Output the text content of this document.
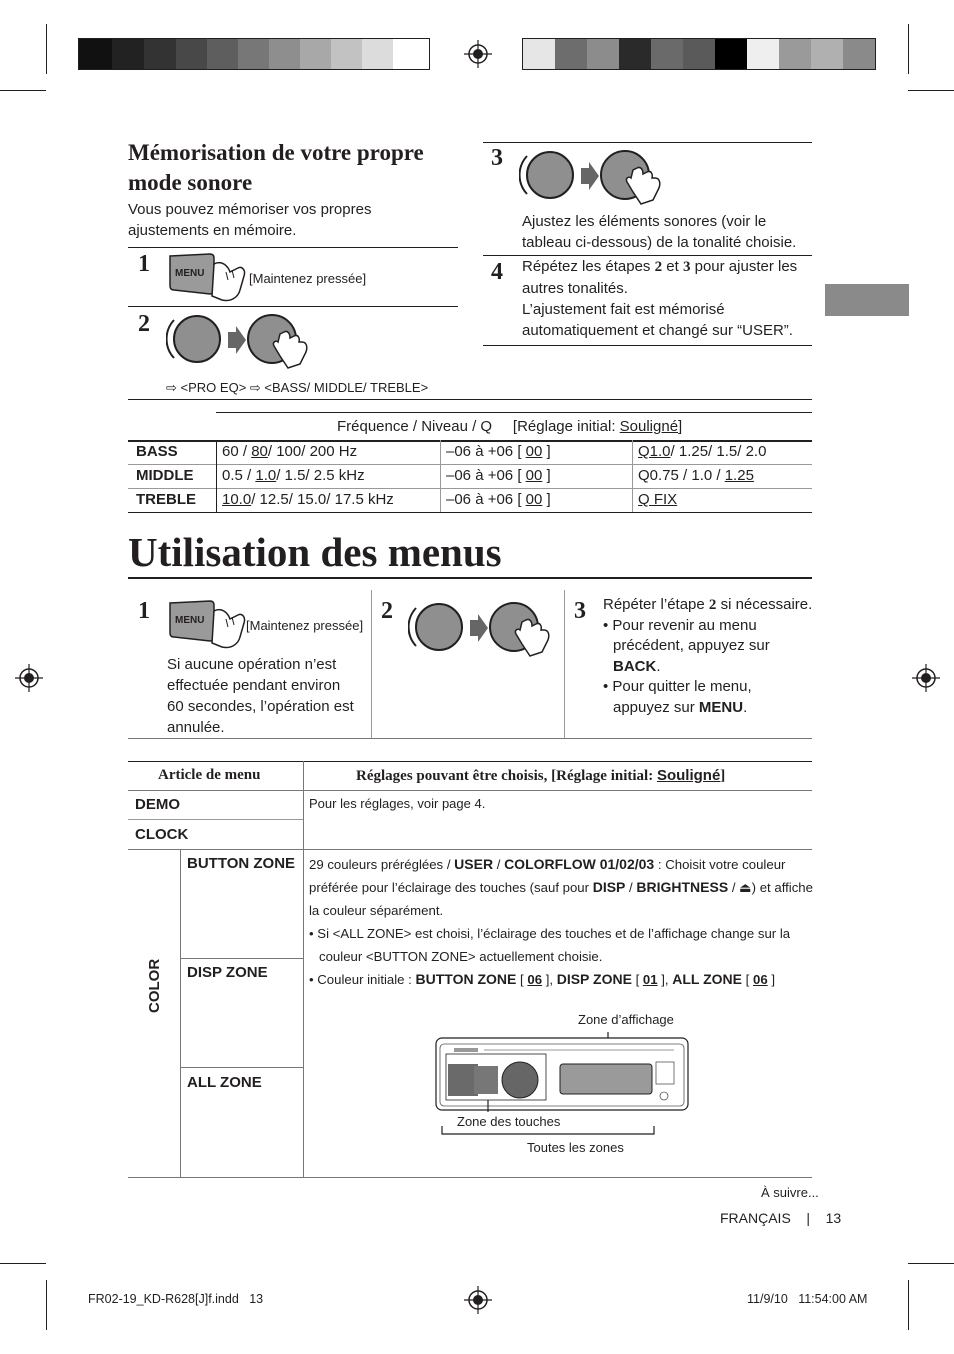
Mémorisation de votre propre
mode sonore
Vous pouvez mémoriser vos propres
ajustements en mémoire.
1	MENU	[Maintenez pressée]
2
⇨ <PRO EQ> ⇨ <BASS/ MIDDLE/ TREBLE>
3
Ajustez les éléments sonores (voir le
tableau ci-dessous) de la tonalité choisie.
4 Répétez les étapes 2 et 3 pour ajuster les
autres tonalités.
L’ajustement fait est mémorisé
automatiquement et changé sur “USER”.
Fréquence / Niveau / Q [Réglage initial: Souligné]
BASS	60 / 80/ 100/ 200 Hz	–06 à +06 [ 00 ]	Q1.0/ 1.25/ 1.5/ 2.0
MIDDLE 0.5 / 1.0/ 1.5/ 2.5 kHz	–06 à +06 [ 00 ]	Q0.75 / 1.0 / 1.25
TREBLE 10.0/ 12.5/ 15.0/ 17.5 kHz	–06 à +06 [ 00 ]	Q FIX
Utilisation des menus
1	MENU	[Maintenez pressée]
Si aucune opération n’est
effectuée pendant environ
60 secondes, l’opération est
annulée.
2	3 Répéter l’étape 2 si nécessaire.
• Pour revenir au menu
précédent, appuyez sur
BACK.
• Pour quitter le menu,
appuyez sur MENU.
Article de menu	Réglages pouvant être choisis, [Réglage initial: Souligné]
DEMO
CLOCK
Pour les réglages, voir page 4.
COLOR
BUTTON ZONE
DISP ZONE
ALL ZONE
29 couleurs préréglées / USER / COLORFLOW 01/02/03 : Choisit votre couleur
préférée pour l’éclairage des touches (sauf pour DISP / BRIGHTNESS / ⏏) et affiche
la couleur séparément.
• Si <ALL ZONE> est choisi, l’éclairage des touches et de l’affichage change sur la
couleur <BUTTON ZONE> actuellement choisie.
• Couleur initiale : BUTTON ZONE [ 06 ], DISP ZONE [ 01 ], ALL ZONE [ 06 ]
Zone d’affichage
Zone des touches
Toutes les zones
À suivre...
FRANÇAIS | 13
FR02-19_KD-R628[J]f.indd   13	11/9/10   11:54:00 AM
